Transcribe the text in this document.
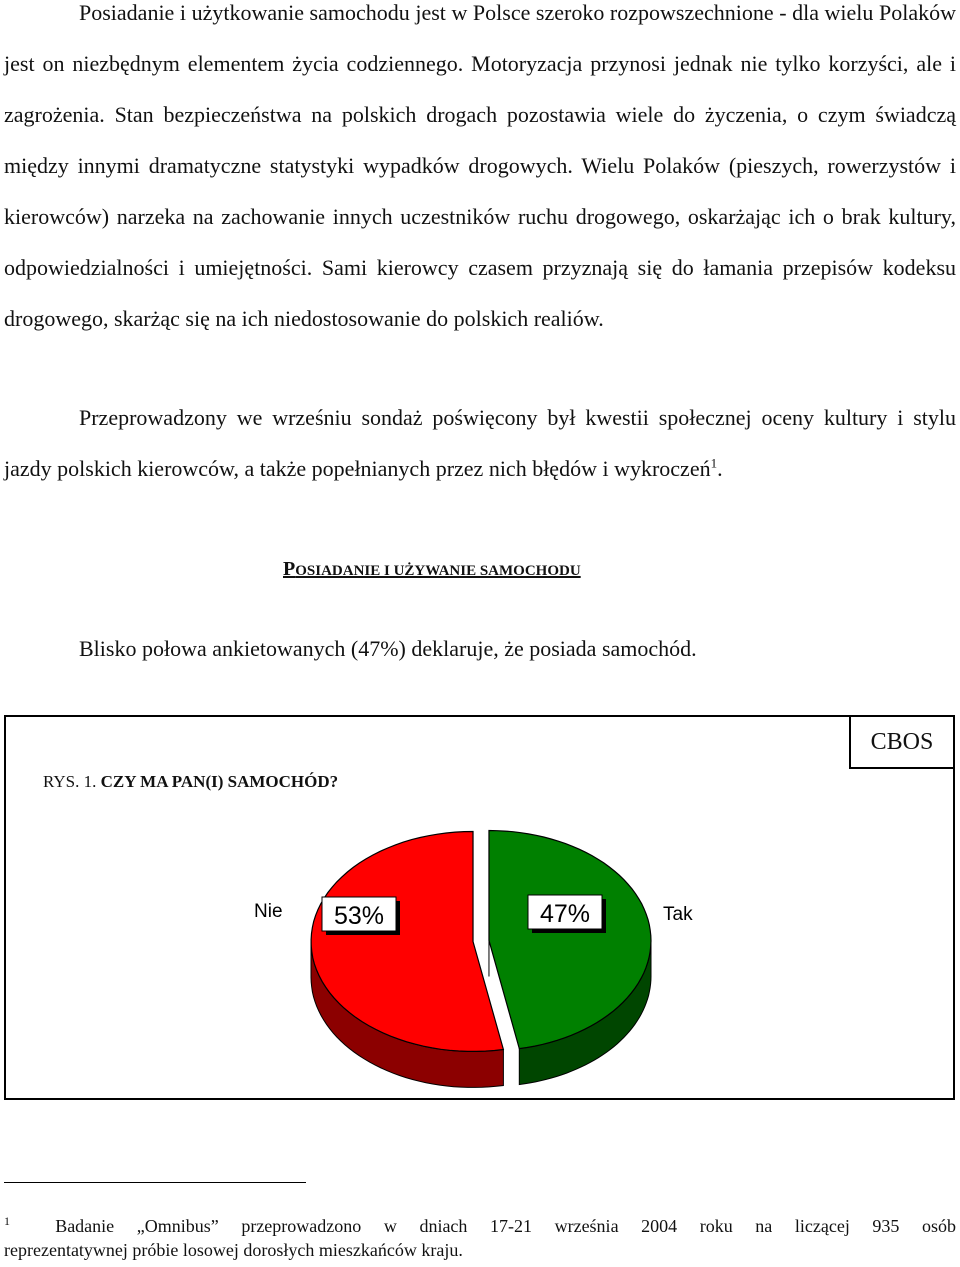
Posiadanie i użytkowanie samochodu jest w Polsce szeroko rozpowszechnione - dla wielu Polaków jest on niezbędnym elementem życia codziennego. Motoryzacja przynosi jednak nie tylko korzyści, ale i zagrożenia. Stan bezpieczeństwa na polskich drogach pozostawia wiele do życzenia, o czym świadczą między innymi dramatyczne statystyki wypadków drogowych. Wielu Polaków (pieszych, rowerzystów i kierowców) narzeka na zachowanie innych uczestników ruchu drogowego, oskarżając ich o brak kultury, odpowiedzialności i umiejętności. Sami kierowcy czasem przyznają się do łamania przepisów kodeksu drogowego, skarżąc się na ich niedostosowanie do polskich realiów.

Przeprowadzony we wrześniu sondaż poświęcony był kwestii społecznej oceny kultury i stylu jazdy polskich kierowców, a także popełnianych przez nich błędów i wykroczeń$^1$.

POSIADANIE I UŻYWANIE SAMOCHODU

Blisko połowa ankietowanych (47%) deklaruje, że posiada samochód.

CBOS
RYS. 1. CZY MA PAN(I) SAMOCHÓD?
53%	47%
Nie	Tak
$^1$	Badanie „Omnibus” przeprowadzono w dniach 17-21 września 2004 roku na liczącej 935 osób
reprezentatywnej próbie losowej dorosłych mieszkańców kraju.
